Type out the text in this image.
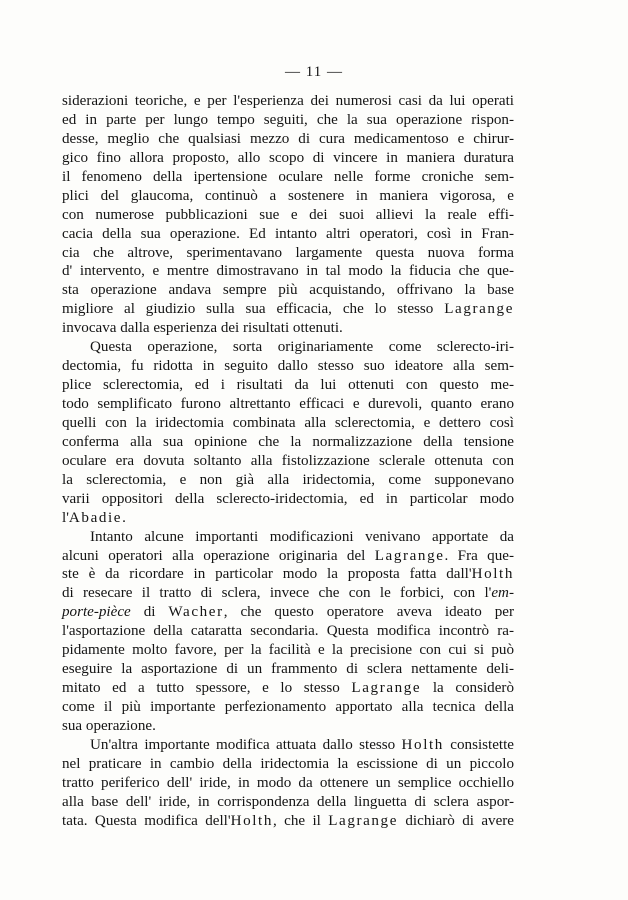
— 11 —
siderazioni teoriche, e per l'esperienza dei numerosi casi da lui operati
ed in parte per lungo tempo seguiti, che la sua operazione rispon-
desse, meglio che qualsiasi mezzo di cura medicamentoso e chirur-
gico fino allora proposto, allo scopo di vincere in maniera duratura
il fenomeno della ipertensione oculare nelle forme croniche sem-
plici del glaucoma, continuò a sostenere in maniera vigorosa, e
con numerose pubblicazioni sue e dei suoi allievi la reale effi-
cacia della sua operazione. Ed intanto altri operatori, così in Fran-
cia che altrove, sperimentavano largamente questa nuova forma
d' intervento, e mentre dimostravano in tal modo la fiducia che que-
sta operazione andava sempre più acquistando, offrivano la base
migliore al giudizio sulla sua efficacia, che lo stesso Lagrange
invocava dalla esperienza dei risultati ottenuti.
Questa operazione, sorta originariamente come sclerecto-iri-
dectomia, fu ridotta in seguito dallo stesso suo ideatore alla sem-
plice sclerectomia, ed i risultati da lui ottenuti con questo me-
todo semplificato furono altrettanto efficaci e durevoli, quanto erano
quelli con la iridectomia combinata alla sclerectomia, e dettero così
conferma alla sua opinione che la normalizzazione della tensione
oculare era dovuta soltanto alla fistolizzazione sclerale ottenuta con
la sclerectomia, e non già alla iridectomia, come supponevano
varii oppositori della sclerecto-iridectomia, ed in particolar modo
l'Abadie.
Intanto alcune importanti modificazioni venivano apportate da
alcuni operatori alla operazione originaria del Lagrange. Fra que-
ste è da ricordare in particolar modo la proposta fatta dall'Holth
di resecare il tratto di sclera, invece che con le forbici, con l'em-
porte-pièce di Wacher, che questo operatore aveva ideato per
l'asportazione della cataratta secondaria. Questa modifica incontrò ra-
pidamente molto favore, per la facilità e la precisione con cui si può
eseguire la asportazione di un frammento di sclera nettamente deli-
mitato ed a tutto spessore, e lo stesso Lagrange la considerò
come il più importante perfezionamento apportato alla tecnica della
sua operazione.
Un'altra importante modifica attuata dallo stesso Holth consistette
nel praticare in cambio della iridectomia la escissione di un piccolo
tratto periferico dell' iride, in modo da ottenere un semplice occhiello
alla base dell' iride, in corrispondenza della linguetta di sclera aspor-
tata. Questa modifica dell'Holth, che il Lagrange dichiarò di avere
